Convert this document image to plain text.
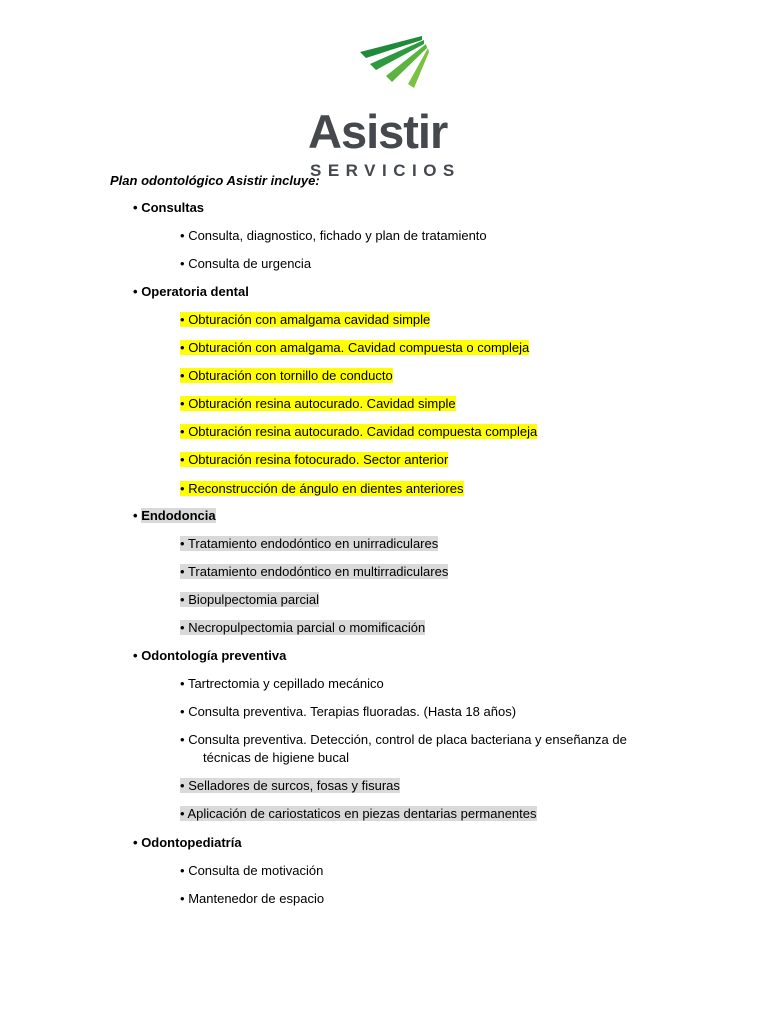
Asistir
SERVICIOS
Plan odontológico Asistir incluye:
• Consultas
• Consulta, diagnostico, fichado y plan de tratamiento
• Consulta de urgencia
• Operatoria dental
• Obturación con amalgama cavidad simple
• Obturación con amalgama. Cavidad compuesta o compleja
• Obturación con tornillo de conducto
• Obturación resina autocurado. Cavidad simple
• Obturación resina autocurado. Cavidad compuesta compleja
• Obturación resina fotocurado. Sector anterior
• Reconstrucción de ángulo en dientes anteriores
• Endodoncia
• Tratamiento endodóntico en unirradiculares
• Tratamiento endodóntico en multirradiculares
• Biopulpectomia parcial
• Necropulpectomia parcial o momificación
• Odontología preventiva
• Tartrectomia y cepillado mecánico
• Consulta preventiva. Terapias fluoradas. (Hasta 18 años)
• Consulta preventiva. Detección, control de placa bacteriana y enseñanza de
técnicas de higiene bucal
• Selladores de surcos, fosas y fisuras
• Aplicación de cariostaticos en piezas dentarias permanentes
• Odontopediatría
• Consulta de motivación
• Mantenedor de espacio
